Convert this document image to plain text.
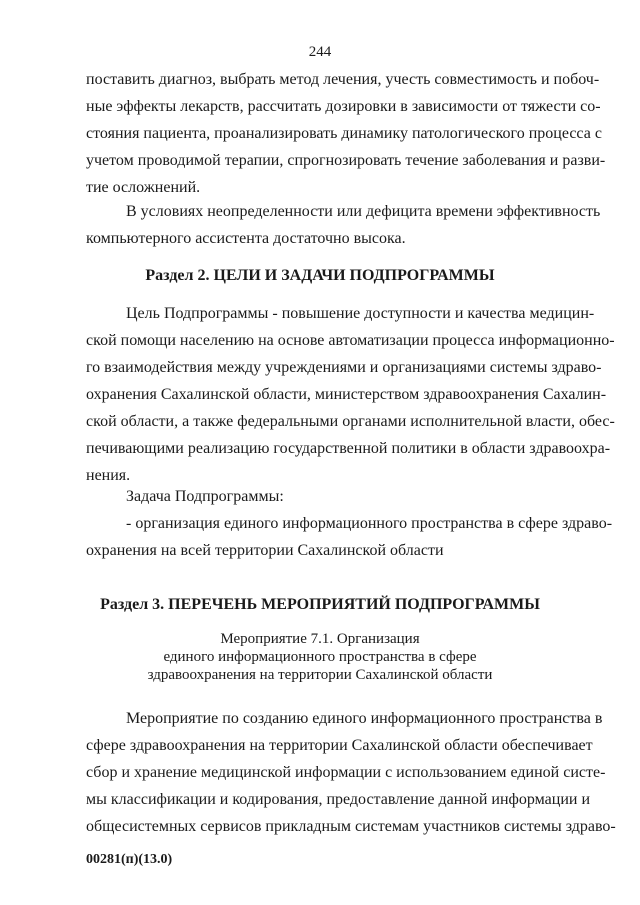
244
поставить диагноз, выбрать метод лечения, учесть совместимость и побоч-
ные эффекты лекарств, рассчитать дозировки в зависимости от тяжести со-
стояния пациента, проанализировать динамику патологического процесса с
учетом проводимой терапии, спрогнозировать течение заболевания и разви-
тие осложнений.
В условиях неопределенности или дефицита времени эффективность
компьютерного ассистента достаточно высока.
Раздел 2. ЦЕЛИ И ЗАДАЧИ ПОДПРОГРАММЫ
Цель Подпрограммы - повышение доступности и качества медицин-
ской помощи населению на основе автоматизации процесса информационно-
го взаимодействия между учреждениями и организациями системы здраво-
охранения Сахалинской области, министерством здравоохранения Сахалин-
ской области, а также федеральными органами исполнительной власти, обес-
печивающими реализацию государственной политики в области здравоохра-
нения.
Задача Подпрограммы:
- организация единого информационного пространства в сфере здраво-
охранения на всей территории Сахалинской области
Раздел 3. ПЕРЕЧЕНЬ МЕРОПРИЯТИЙ ПОДПРОГРАММЫ
Мероприятие 7.1. Организация
единого информационного пространства в сфере
здравоохранения на территории Сахалинской области
Мероприятие по созданию единого информационного пространства в
сфере здравоохранения на территории Сахалинской области обеспечивает
сбор и хранение медицинской информации с использованием единой систе-
мы классификации и кодирования, предоставление данной информации и
общесистемных сервисов прикладным системам участников системы здраво-
00281(п)(13.0)
